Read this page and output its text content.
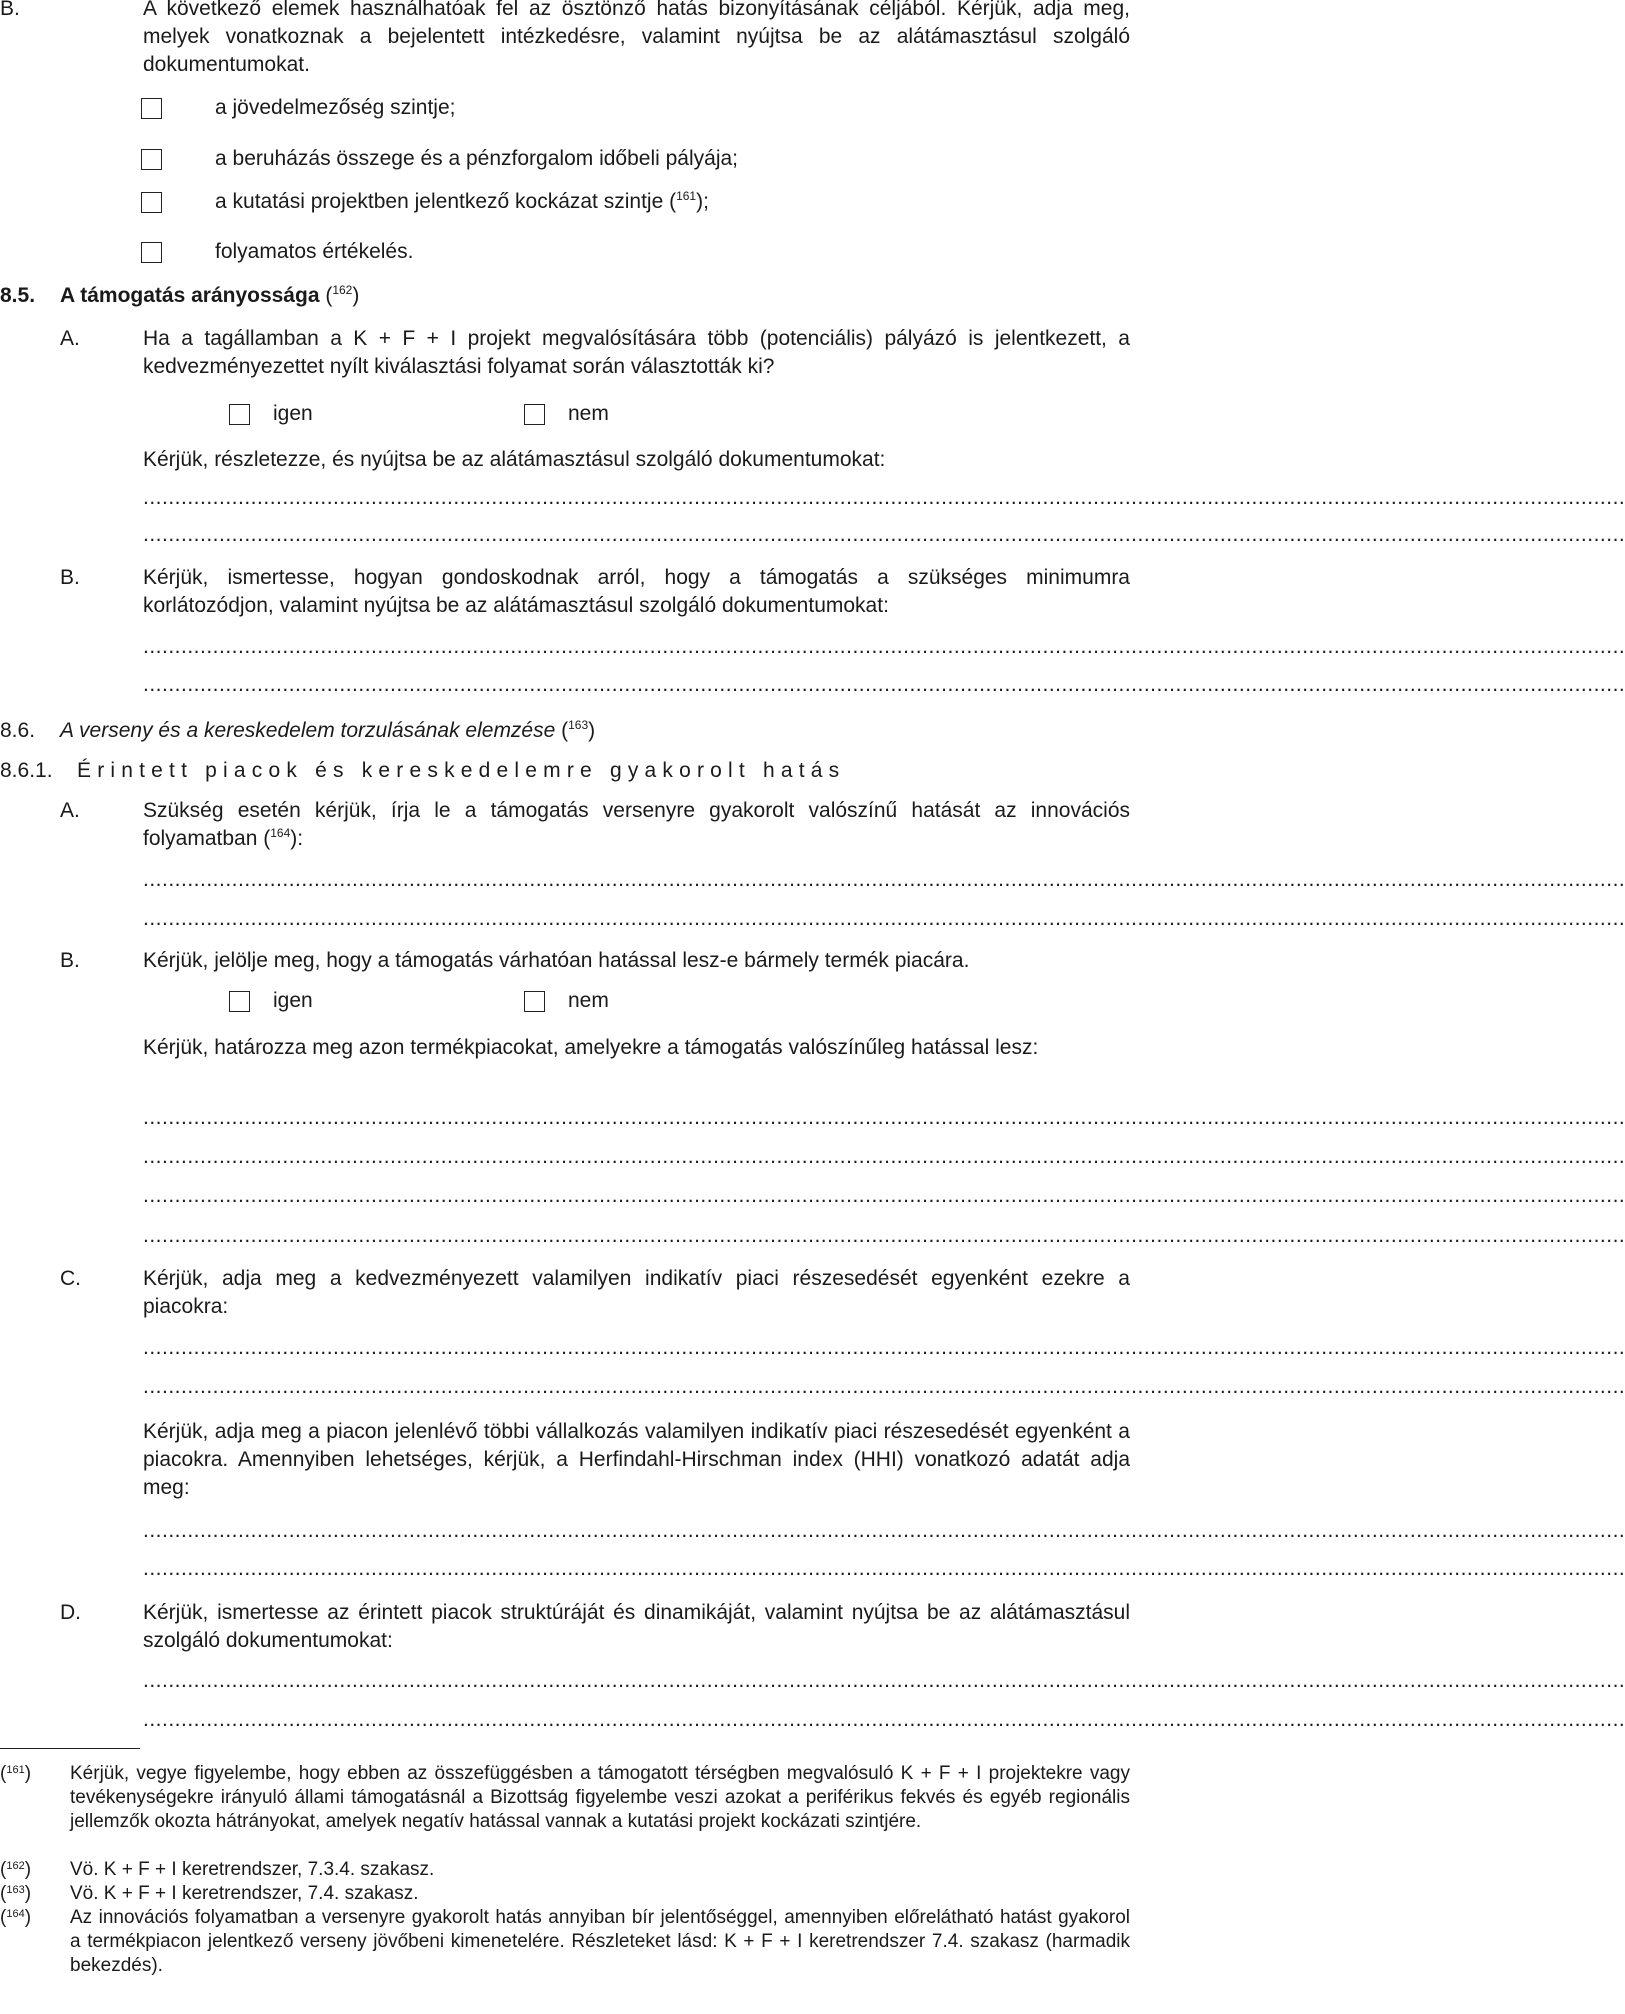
B.	A következő elemek használhatóak fel az ösztönző hatás bizonyításának céljából. Kérjük, adja meg, melyek vonatkoznak a bejelentett intézkedésre, valamint nyújtsa be az alátámasztásul szolgáló dokumentumokat.
a jövedelmezőség szintje;
a beruházás összege és a pénzforgalom időbeli pályája;
a kutatási projektben jelentkező kockázat szintje ($^{161}$);
folyamatos értékelés.
8.5. A támogatás arányossága ($^{162}$)
A.	Ha a tagállamban a K + F + I projekt megvalósítására több (potenciális) pályázó is jelentkezett, a kedvezményezettet nyílt kiválasztási folyamat során választották ki?
igen	nem
Kérjük, részletezze, és nyújtsa be az alátámasztásul szolgáló dokumentumokat:
..........................................................................................................................................................................................................................................
..........................................................................................................................................................................................................................................
B.	Kérjük, ismertesse, hogyan gondoskodnak arról, hogy a támogatás a szükséges minimumra korlátozódjon, valamint nyújtsa be az alátámasztásul szolgáló dokumentumokat:
..........................................................................................................................................................................................................................................
..........................................................................................................................................................................................................................................
8.6. A verseny és a kereskedelem torzulásának elemzése ($^{163}$)
8.6.1. Érintett piacok és kereskedelemre gyakorolt hatás
A.	Szükség esetén kérjük, írja le a támogatás versenyre gyakorolt valószínű hatását az innovációs folyamatban ($^{164}$):
..........................................................................................................................................................................................................................................
..........................................................................................................................................................................................................................................
B.	Kérjük, jelölje meg, hogy a támogatás várhatóan hatással lesz-e bármely termék piacára.
igen	nem
Kérjük, határozza meg azon termékpiacokat, amelyekre a támogatás valószínűleg hatással lesz:
..........................................................................................................................................................................................................................................
..........................................................................................................................................................................................................................................
..........................................................................................................................................................................................................................................
..........................................................................................................................................................................................................................................
C.	Kérjük, adja meg a kedvezményezett valamilyen indikatív piaci részesedését egyenként ezekre a piacokra:
..........................................................................................................................................................................................................................................
..........................................................................................................................................................................................................................................
Kérjük, adja meg a piacon jelenlévő többi vállalkozás valamilyen indikatív piaci részesedését egyenként a piacokra. Amennyiben lehetséges, kérjük, a Herfindahl-Hirschman index (HHI) vonatkozó adatát adja meg:
..........................................................................................................................................................................................................................................
..........................................................................................................................................................................................................................................
D.	Kérjük, ismertesse az érintett piacok struktúráját és dinamikáját, valamint nyújtsa be az alátámasztásul szolgáló dokumentumokat:
..........................................................................................................................................................................................................................................
..........................................................................................................................................................................................................................................
($^{161}$) Kérjük, vegye figyelembe, hogy ebben az összefüggésben a támogatott térségben megvalósuló K + F + I projektekre vagy tevékenységekre irányuló állami támogatásnál a Bizottság figyelembe veszi azokat a periférikus fekvés és egyéb regionális jellemzők okozta hátrányokat, amelyek negatív hatással vannak a kutatási projekt kockázati szintjére.
($^{162}$) Vö. K + F + I keretrendszer, 7.3.4. szakasz.
($^{163}$) Vö. K + F + I keretrendszer, 7.4. szakasz.
($^{164}$) Az innovációs folyamatban a versenyre gyakorolt hatás annyiban bír jelentőséggel, amennyiben előrelátható hatást gyakorol a termékpiacon jelentkező verseny jövőbeni kimenetelére. Részleteket lásd: K + F + I keretrendszer 7.4. szakasz (harmadik bekezdés).
